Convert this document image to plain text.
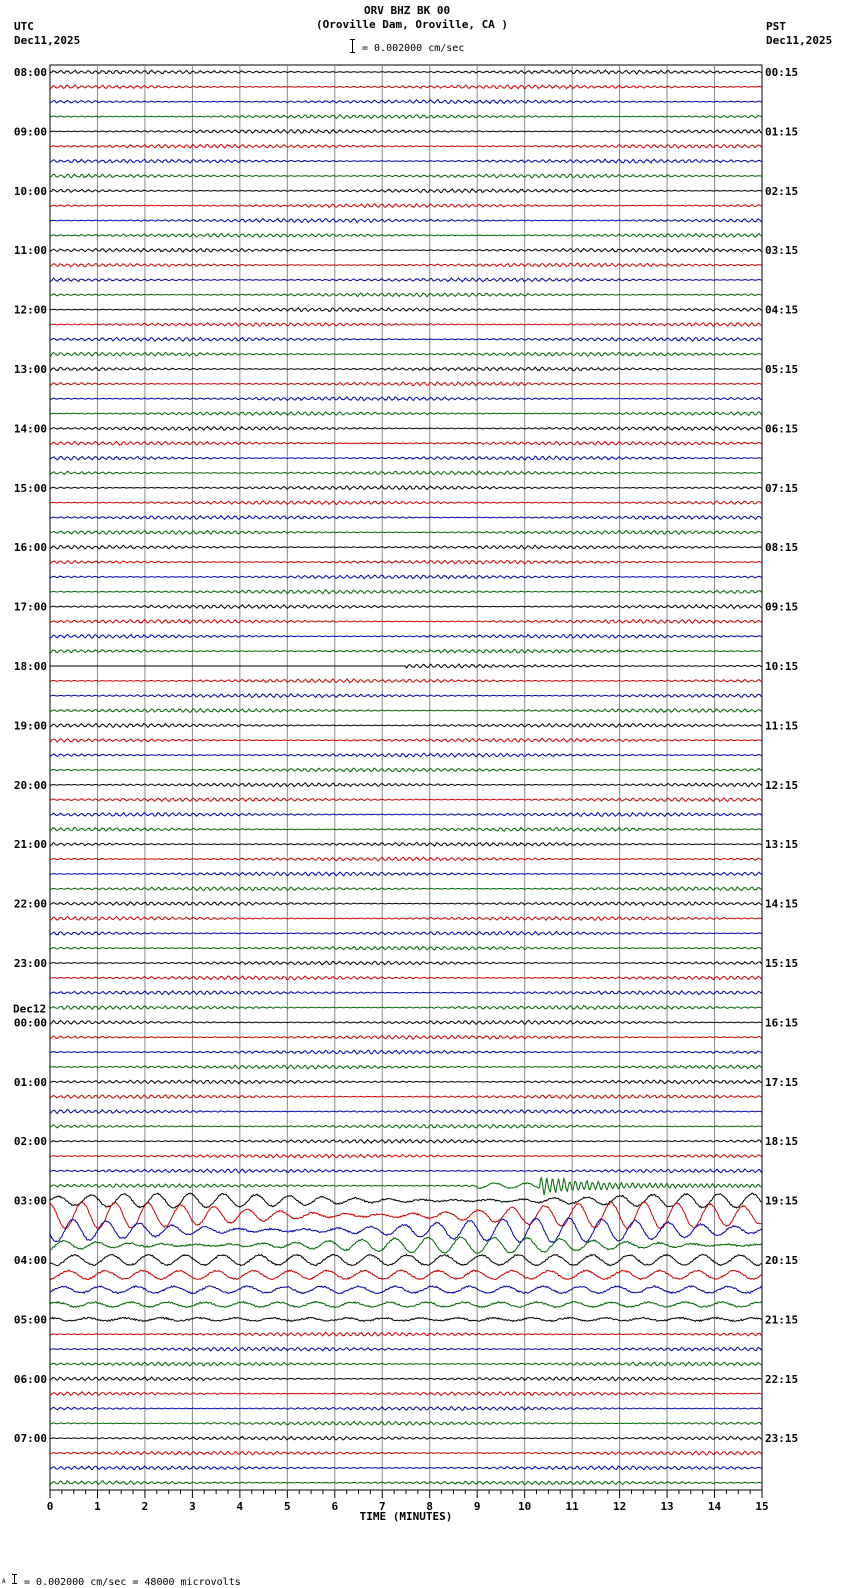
ORV BHZ BK 00
(Oroville Dam, Oroville, CA )
= 0.002000 cm/sec
UTC
Dec11,2025
PST
Dec11,2025
08:00
09:00
10:00
11:00
12:00
13:00
14:00
15:00
16:00
17:00
18:00
19:00
20:00
21:00
22:00
23:00
00:00
01:00
02:00
03:00
04:00
05:00
06:00
07:00
Dec12
00:15
01:15
02:15
03:15
04:15
05:15
06:15
07:15
08:15
09:15
10:15
11:15
12:15
13:15
14:15
15:15
16:15
17:15
18:15
19:15
20:15
21:15
22:15
23:15
0	1	2	3	4	5	6	7	8	9	10	11	12	13	14	15
TIME (MINUTES)
A = 0.002000 cm/sec = 48000 microvolts
